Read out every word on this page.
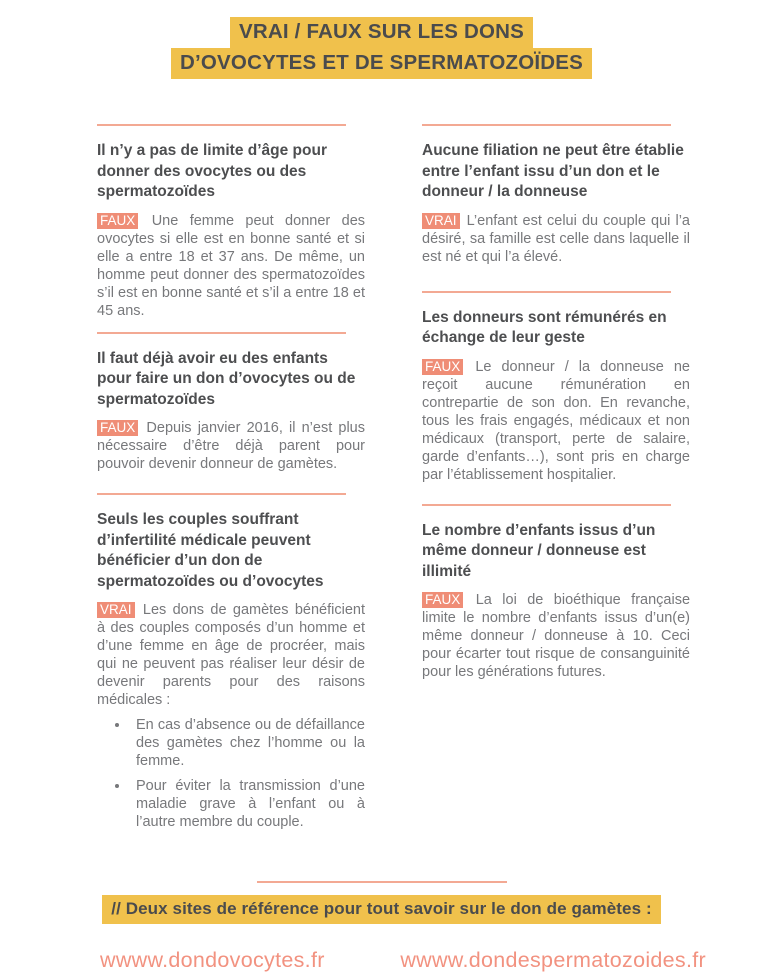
VRAI / FAUX SUR LES DONS
D’OVOCYTES ET DE SPERMATOZOÏDES
Il n’y a pas de limite d’âge pour donner des ovocytes ou des spermatozoïdes

FAUX Une femme peut donner des ovocytes si elle est en bonne santé et si elle a entre 18 et 37 ans. De même, un homme peut donner des spermatozoïdes s’il est en bonne santé et s’il a entre 18 et 45 ans.

Il faut déjà avoir eu des enfants pour faire un don d’ovocytes ou de spermatozoïdes

FAUX Depuis janvier 2016, il n’est plus nécessaire d’être déjà parent pour pouvoir devenir donneur de gamètes.

Seuls les couples souffrant d’infertilité médicale peuvent bénéficier d’un don de spermatozoïdes ou d’ovocytes

VRAI Les dons de gamètes bénéficient à des couples composés d’un homme et d’une femme en âge de procréer, mais qui ne peuvent pas réaliser leur désir de devenir parents pour des raisons médicales :

• En cas d’absence ou de défaillance des gamètes chez l’homme ou la femme.
• Pour éviter la transmission d’une maladie grave à l’enfant ou à l’autre membre du couple.
Aucune filiation ne peut être établie entre l’enfant issu d’un don et le donneur / la donneuse

VRAI L’enfant est celui du couple qui l’a désiré, sa famille est celle dans laquelle il est né et qui l’a élevé.

Les donneurs sont rémunérés en échange de leur geste

FAUX Le donneur / la donneuse ne reçoit aucune rémunération en contrepartie de son don. En revanche, tous les frais engagés, médicaux et non médicaux (transport, perte de salaire, garde d’enfants…), sont pris en charge par l’établissement hospitalier.

Le nombre d’enfants issus d’un même donneur / donneuse est illimité

FAUX La loi de bioéthique française limite le nombre d’enfants issus d’un(e) même donneur / donneuse à 10. Ceci pour écarter tout risque de consanguinité pour les générations futures.

// Deux sites de référence pour tout savoir sur le don de gamètes :
wwww.dondovocytes.fr	wwww.dondespermatozoides.fr
